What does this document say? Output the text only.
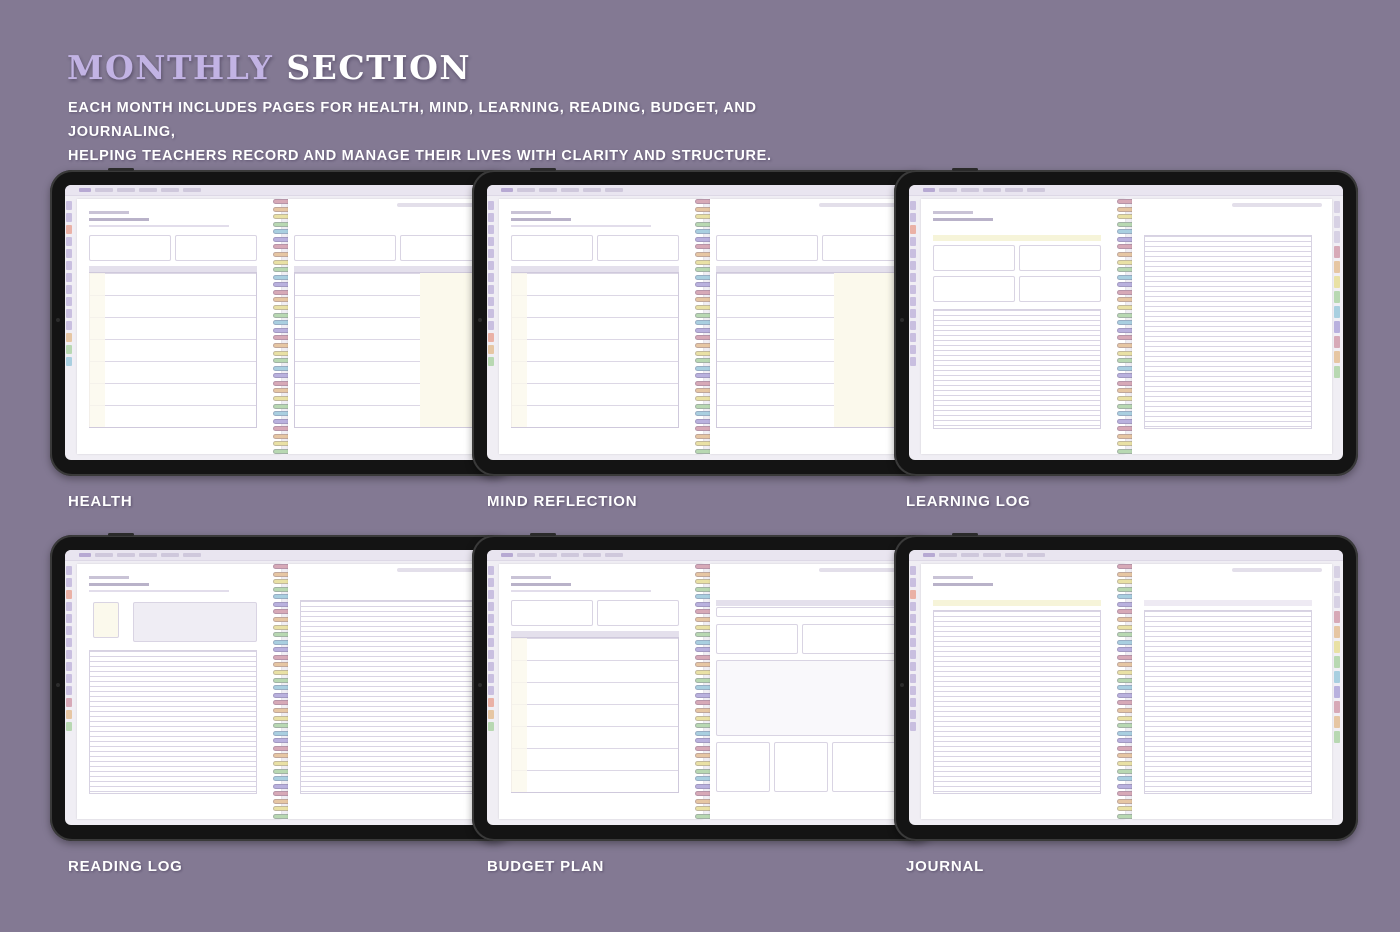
MONTHLY SECTION
EACH MONTH INCLUDES PAGES FOR HEALTH, MIND, LEARNING, READING, BUDGET, AND JOURNALING,
HELPING TEACHERS RECORD AND MANAGE THEIR LIVES WITH CLARITY AND STRUCTURE.
HEALTH	MIND REFLECTION	LEARNING LOG
READING LOG	BUDGET PLAN	JOURNAL
